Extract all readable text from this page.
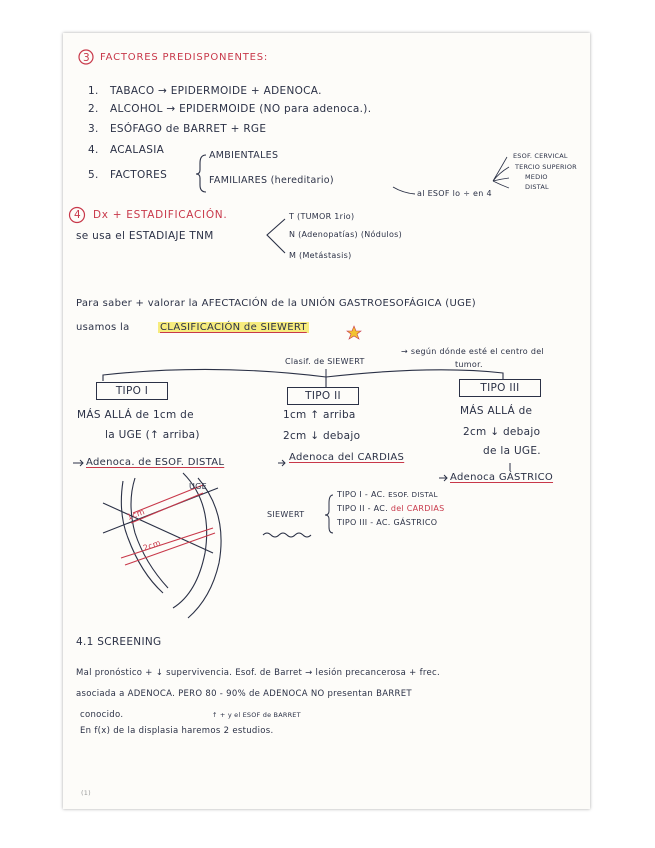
3 FACTORES PREDISPONENTES:
1. TABACO → EPIDERMOIDE + ADENOCA.
2. ALCOHOL → EPIDERMOIDE (NO para adenoca.).
3. ESÓFAGO de BARRET + RGE
4. ACALASIA
5. FACTORES
AMBIENTALES
FAMILIARES (hereditario)
al ESOF lo ÷ en 4
ESOF. CERVICAL
TERCIO SUPERIOR
MEDIO
DISTAL
4 Dx + ESTADIFICACIÓN.
se usa el ESTADIAJE TNM
T (TUMOR 1rio)
N (Adenopatías) (Nódulos)
M (Metástasis)
Para saber + valorar la AFECTACIÓN de la UNIÓN GASTROESOFÁGICA (UGE)
usamos la	CLASIFICACIÓN de SIEWERT
Clasif. de SIEWERT
→ según dónde esté el centro del
tumor.
TIPO I	TIPO II
TIPO III
MÁS ALLÁ de 1cm de
la UGE (↑ arriba)
1cm ↑ arriba
2cm ↓ debajo
MÁS ALLÁ de
2cm ↓ debajo
de la UGE.
Adenoca. de ESOF. DISTAL	Adenoca del CARDIAS
Adenoca GÁSTRICO
UGE
1cm
2cm
SIEWERT
TIPO I - AC. ESOF. DISTAL
TIPO II - AC. del CARDIAS
TIPO III - AC. GÁSTRICO
4.1 SCREENING
Mal pronóstico + ↓ supervivencia. Esof. de Barret → lesión precancerosa + frec.
asociada a ADENOCA. PERO 80 - 90% de ADENOCA NO presentan BARRET
conocido.	↑ + y el ESOF de BARRET
En f(x) de la displasia haremos 2 estudios.
(1)
